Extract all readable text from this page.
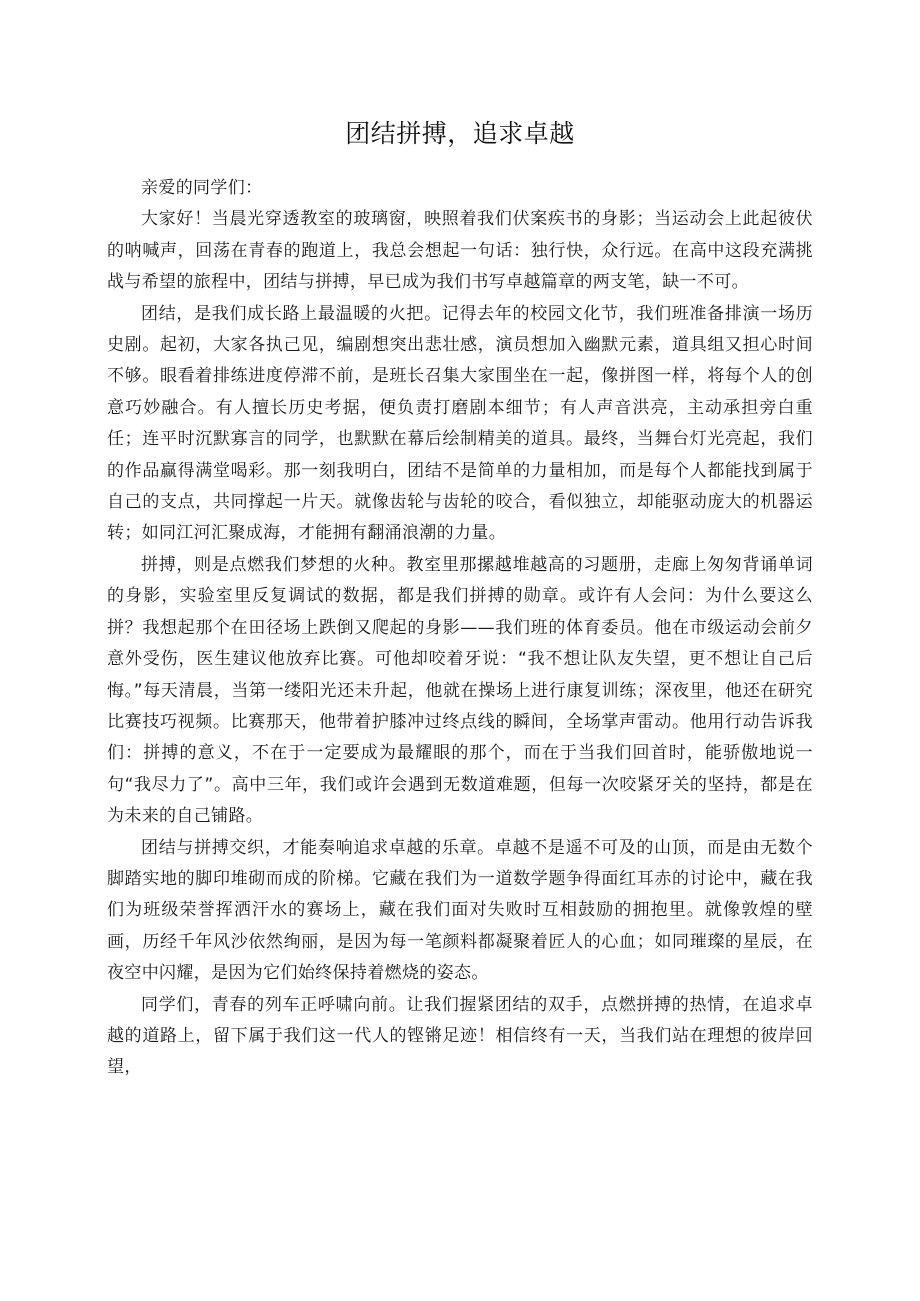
团结拼搏，追求卓越

亲爱的同学们：

大家好！当晨光穿透教室的玻璃窗，映照着我们伏案疾书的身影；当运动会上此起彼伏的呐喊声，回荡在青春的跑道上，我总会想起一句话：独行快，众行远。在高中这段充满挑战与希望的旅程中，团结与拼搏，早已成为我们书写卓越篇章的两支笔，缺一不可。

团结，是我们成长路上最温暖的火把。记得去年的校园文化节，我们班准备排演一场历史剧。起初，大家各执己见，编剧想突出悲壮感，演员想加入幽默元素，道具组又担心时间不够。眼看着排练进度停滞不前，是班长召集大家围坐在一起，像拼图一样，将每个人的创意巧妙融合。有人擅长历史考据，便负责打磨剧本细节；有人声音洪亮，主动承担旁白重任；连平时沉默寡言的同学，也默默在幕后绘制精美的道具。最终，当舞台灯光亮起，我们的作品赢得满堂喝彩。那一刻我明白，团结不是简单的力量相加，而是每个人都能找到属于自己的支点，共同撑起一片天。就像齿轮与齿轮的咬合，看似独立，却能驱动庞大的机器运转；如同江河汇聚成海，才能拥有翻涌浪潮的力量。

拼搏，则是点燃我们梦想的火种。教室里那摞越堆越高的习题册，走廊上匆匆背诵单词的身影，实验室里反复调试的数据，都是我们拼搏的勋章。或许有人会问：为什么要这么拼？我想起那个在田径场上跌倒又爬起的身影——我们班的体育委员。他在市级运动会前夕意外受伤，医生建议他放弃比赛。可他却咬着牙说：“我不想让队友失望，更不想让自己后悔。”每天清晨，当第一缕阳光还未升起，他就在操场上进行康复训练；深夜里，他还在研究比赛技巧视频。比赛那天，他带着护膝冲过终点线的瞬间，全场掌声雷动。他用行动告诉我们：拼搏的意义，不在于一定要成为最耀眼的那个，而在于当我们回首时，能骄傲地说一句“我尽力了”。高中三年，我们或许会遇到无数道难题，但每一次咬紧牙关的坚持，都是在为未来的自己铺路。

团结与拼搏交织，才能奏响追求卓越的乐章。卓越不是遥不可及的山顶，而是由无数个脚踏实地的脚印堆砌而成的阶梯。它藏在我们为一道数学题争得面红耳赤的讨论中，藏在我们为班级荣誉挥洒汗水的赛场上，藏在我们面对失败时互相鼓励的拥抱里。就像敦煌的壁画，历经千年风沙依然绚丽，是因为每一笔颜料都凝聚着匠人的心血；如同璀璨的星辰，在夜空中闪耀，是因为它们始终保持着燃烧的姿态。

同学们，青春的列车正呼啸向前。让我们握紧团结的双手，点燃拼搏的热情，在追求卓越的道路上，留下属于我们这一代人的铿锵足迹！相信终有一天，当我们站在理想的彼岸回望，
